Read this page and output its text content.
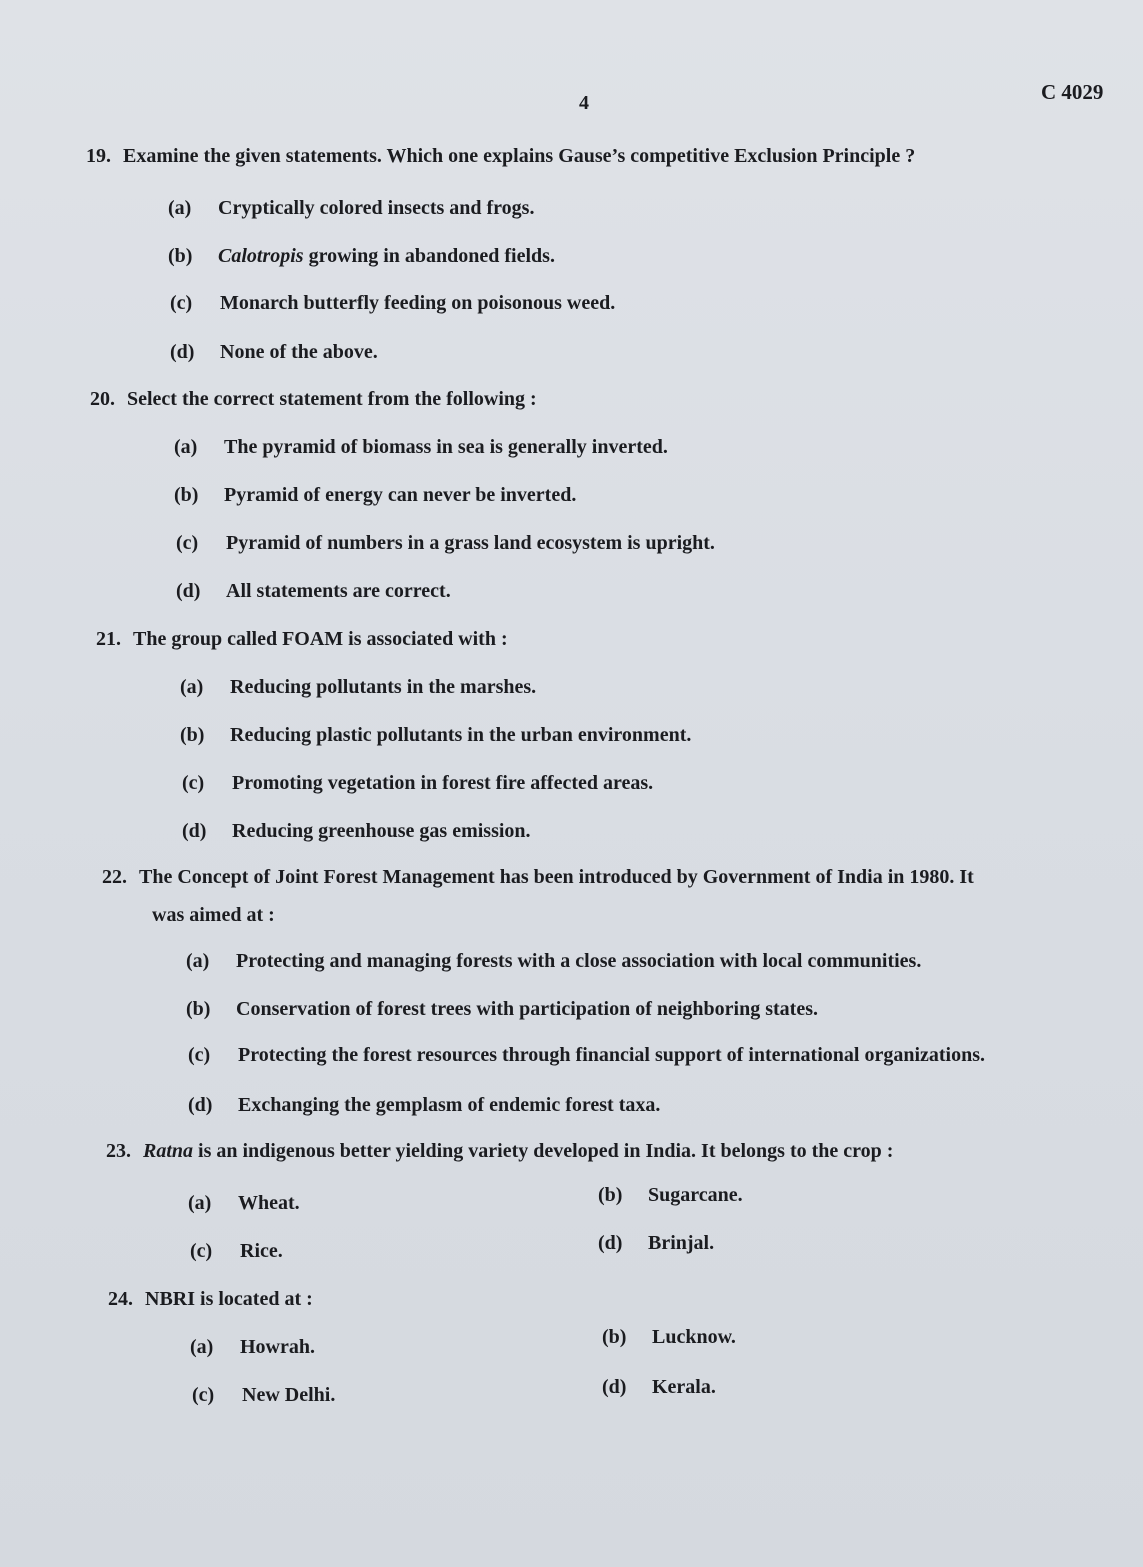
4	C 4029
19. Examine the given statements. Which one explains Gause’s competitive Exclusion Principle ?
(a) Cryptically colored insects and frogs.
(b) Calotropis growing in abandoned fields.
(c) Monarch butterfly feeding on poisonous weed.
(d) None of the above.
20. Select the correct statement from the following :
(a) The pyramid of biomass in sea is generally inverted.
(b) Pyramid of energy can never be inverted.
(c) Pyramid of numbers in a grass land ecosystem is upright.
(d) All statements are correct.
21. The group called FOAM is associated with :
(a) Reducing pollutants in the marshes.
(b) Reducing plastic pollutants in the urban environment.
(c) Promoting vegetation in forest fire affected areas.
(d) Reducing greenhouse gas emission.
22. The Concept of Joint Forest Management has been introduced by Government of India in 1980. It
was aimed at :
(a) Protecting and managing forests with a close association with local communities.
(b) Conservation of forest trees with participation of neighboring states.
(c) Protecting the forest resources through financial support of international organizations.
(d) Exchanging the gemplasm of endemic forest taxa.
23. Ratna is an indigenous better yielding variety developed in India. It belongs to the crop :
(a) Wheat.	(b) Sugarcane.
(c) Rice.	(d) Brinjal.
24. NBRI is located at :
(a) Howrah.	(b) Lucknow.
(c) New Delhi.	(d) Kerala.
